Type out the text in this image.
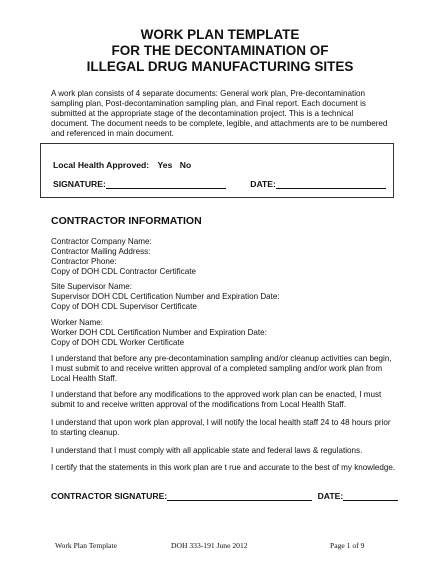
WORK PLAN TEMPLATE
FOR THE DECONTAMINATION OF
ILLEGAL DRUG MANUFACTURING SITES
A work plan consists of 4 separate documents: General work plan, Pre-decontamination sampling plan, Post-decontamination sampling plan, and Final report. Each document is submitted at the appropriate stage of the decontamination project. This is a technical document. The document needs to be complete, legible, and attachments are to be numbered and referenced in main document.
Local Health Approved: Yes No
SIGNATURE:	DATE:
CONTRACTOR INFORMATION
Contractor Company Name:
Contractor Mailing Address:
Contractor Phone:
Copy of DOH CDL Contractor Certificate
Site Supervisor Name:
Supervisor DOH CDL Certification Number and Expiration Date:
Copy of DOH CDL Supervisor Certificate
Worker Name:
Worker DOH CDL Certification Number and Expiration Date:
Copy of DOH CDL Worker Certificate
I understand that before any pre-decontamination sampling and/or cleanup activities can begin, I must submit to and receive written approval of a completed sampling and/or work plan from Local Health Staff.
I understand that before any modifications to the approved work plan can be enacted, I must submit to and receive written approval of the modifications from Local Health Staff.
I understand that upon work plan approval, I will notify the local health staff 24 to 48 hours prior to starting cleanup.
I understand that I must comply with all applicable state and federal laws & regulations.
I certify that the statements in this work plan are t rue and accurate to the best of my knowledge.
CONTRACTOR SIGNATURE:	DATE:
Work Plan Template	DOH 333-191 June 2012	Page 1 of 9
